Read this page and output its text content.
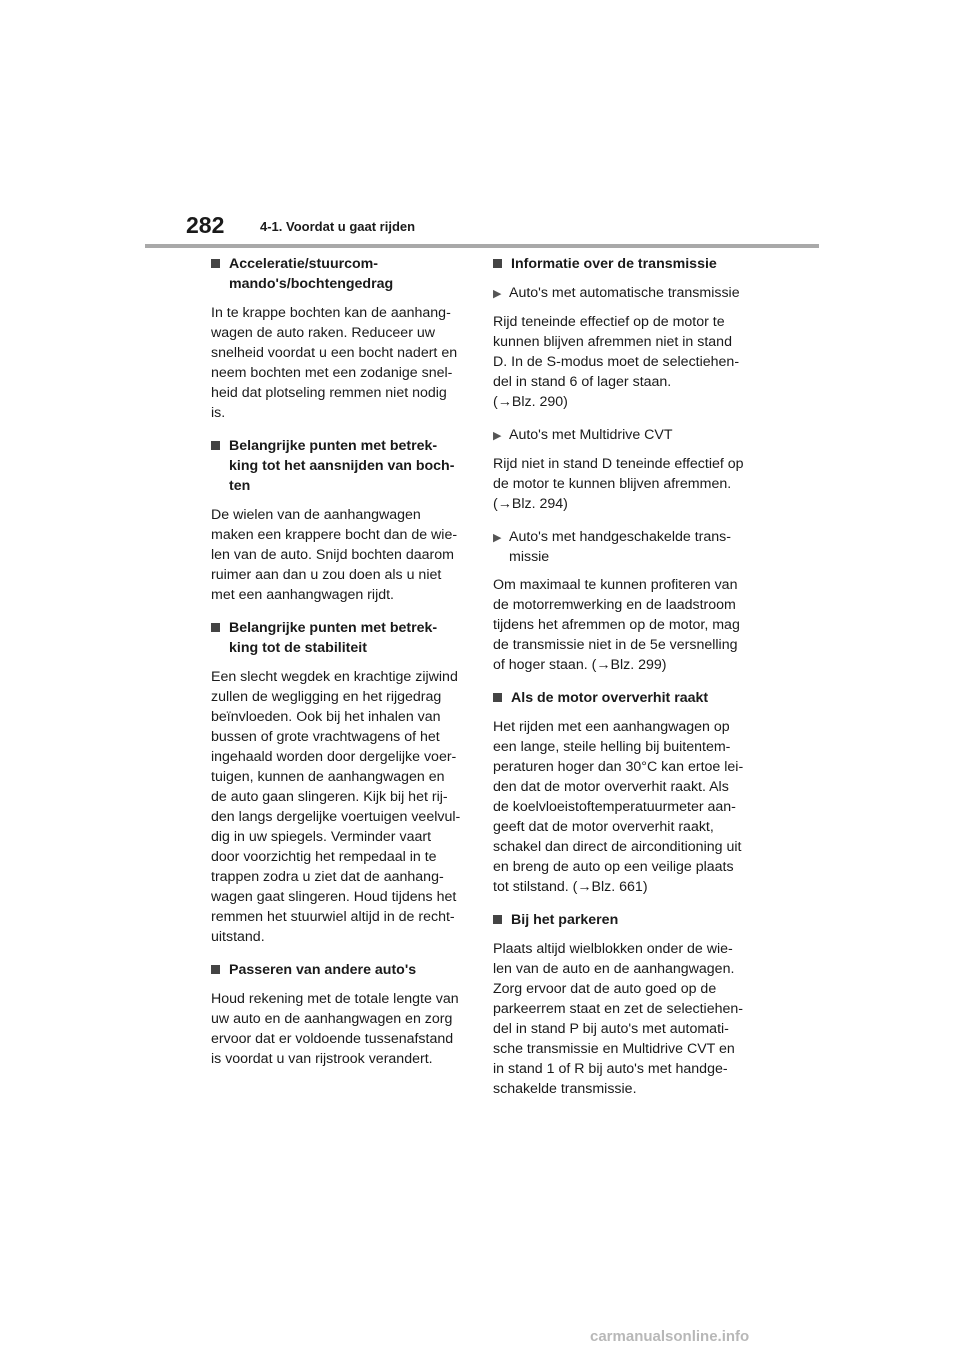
282	4-1. Voordat u gaat rijden
Acceleratie/stuurcom-
mando's/bochtengedrag
In te krappe bochten kan de aanhang-
wagen de auto raken. Reduceer uw
snelheid voordat u een bocht nadert en
neem bochten met een zodanige snel-
heid dat plotseling remmen niet nodig
is.
Belangrijke punten met betrek-
king tot het aansnijden van boch-
ten
De wielen van de aanhangwagen
maken een krappere bocht dan de wie-
len van de auto. Snijd bochten daarom
ruimer aan dan u zou doen als u niet
met een aanhangwagen rijdt.
Belangrijke punten met betrek-
king tot de stabiliteit
Een slecht wegdek en krachtige zijwind
zullen de wegligging en het rijgedrag
beïnvloeden. Ook bij het inhalen van
bussen of grote vrachtwagens of het
ingehaald worden door dergelijke voer-
tuigen, kunnen de aanhangwagen en
de auto gaan slingeren. Kijk bij het rij-
den langs dergelijke voertuigen veelvul-
dig in uw spiegels. Verminder vaart
door voorzichtig het rempedaal in te
trappen zodra u ziet dat de aanhang-
wagen gaat slingeren. Houd tijdens het
remmen het stuurwiel altijd in de recht-
uitstand.
Passeren van andere auto's
Houd rekening met de totale lengte van
uw auto en de aanhangwagen en zorg
ervoor dat er voldoende tussenafstand
is voordat u van rijstrook verandert.
Informatie over de transmissie
▶ Auto's met automatische transmissie
Rijd teneinde effectief op de motor te
kunnen blijven afremmen niet in stand
D. In de S-modus moet de selectiehen-
del in stand 6 of lager staan.
(→Blz. 290)
▶ Auto's met Multidrive CVT
Rijd niet in stand D teneinde effectief op
de motor te kunnen blijven afremmen.
(→Blz. 294)
▶ Auto's met handgeschakelde trans-
missie
Om maximaal te kunnen profiteren van
de motorremwerking en de laadstroom
tijdens het afremmen op de motor, mag
de transmissie niet in de 5e versnelling
of hoger staan. (→Blz. 299)
Als de motor oververhit raakt
Het rijden met een aanhangwagen op
een lange, steile helling bij buitentem-
peraturen hoger dan 30°C kan ertoe lei-
den dat de motor oververhit raakt. Als
de koelvloeistoftemperatuurmeter aan-
geeft dat de motor oververhit raakt,
schakel dan direct de airconditioning uit
en breng de auto op een veilige plaats
tot stilstand. (→Blz. 661)
Bij het parkeren
Plaats altijd wielblokken onder de wie-
len van de auto en de aanhangwagen.
Zorg ervoor dat de auto goed op de
parkeerrem staat en zet de selectiehen-
del in stand P bij auto's met automati-
sche transmissie en Multidrive CVT en
in stand 1 of R bij auto's met handge-
schakelde transmissie.
carmanualsonline.info
